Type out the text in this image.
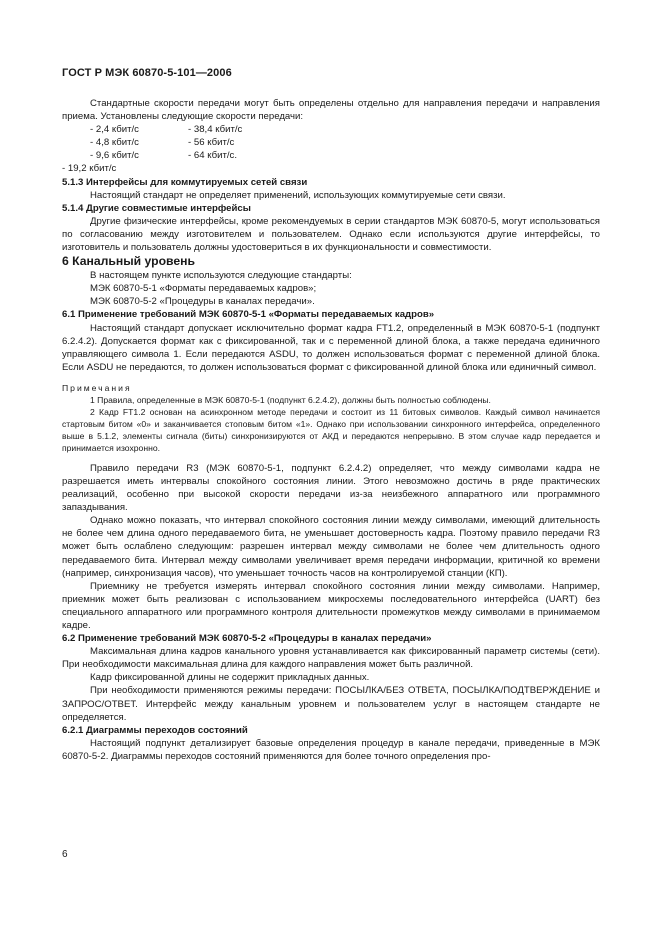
ГОСТ Р МЭК 60870-5-101—2006

Стандартные скорости передачи могут быть определены отдельно для направления передачи и направления приема. Установлены следующие скорости передачи:

- 2,4 кбит/с	- 38,4 кбит/с
- 4,8 кбит/с	- 56 кбит/с
- 9,6 кбит/с	- 64 кбит/с.

- 19,2 кбит/с

5.1.3 Интерфейсы для коммутируемых сетей связи

Настоящий стандарт не определяет применений, использующих коммутируемые сети связи.

5.1.4 Другие совместимые интерфейсы

Другие физические интерфейсы, кроме рекомендуемых в серии стандартов МЭК 60870-5, могут использоваться по согласованию между изготовителем и пользователем. Однако если используются другие интерфейсы, то изготовитель и пользователь должны удостовериться в их функциональности и совместимости.

6 Канальный уровень

В настоящем пункте используются следующие стандарты:

МЭК 60870-5-1 «Форматы передаваемых кадров»;

МЭК 60870-5-2 «Процедуры в каналах передачи».

6.1 Применение требований МЭК 60870-5-1 «Форматы передаваемых кадров»

Настоящий стандарт допускает исключительно формат кадра FT1.2, определенный в МЭК 60870-5-1 (подпункт 6.2.4.2). Допускается формат как с фиксированной, так и с переменной длиной блока, а также передача единичного управляющего символа 1. Если передаются ASDU, то должен использоваться формат с переменной длиной блока. Если ASDU не передаются, то должен использоваться формат с фиксированной длиной блока или единичный символ.

Примечания

1 Правила, определенные в МЭК 60870-5-1 (подпункт 6.2.4.2), должны быть полностью соблюдены.

2 Кадр FT1.2 основан на асинхронном методе передачи и состоит из 11 битовых символов. Каждый символ начинается стартовым битом «0» и заканчивается стоповым битом «1». Однако при использовании синхронного интерфейса, определенного выше в 5.1.2, элементы сигнала (биты) синхронизируются от АКД и передаются непрерывно. В этом случае кадр передается и принимается изохронно.

Правило передачи R3 (МЭК 60870-5-1, подпункт 6.2.4.2) определяет, что между символами кадра не разрешается иметь интервалы спокойного состояния линии. Этого невозможно достичь в ряде практических реализаций, особенно при высокой скорости передачи из-за неизбежного аппаратного или программного запаздывания.

Однако можно показать, что интервал спокойного состояния линии между символами, имеющий длительность не более чем длина одного передаваемого бита, не уменьшает достоверность кадра. Поэтому правило передачи R3 может быть ослаблено следующим: разрешен интервал между символами не более чем длительность одного передаваемого бита. Интервал между символами увеличивает время передачи информации, критичной ко времени (например, синхронизация часов), что уменьшает точность часов на контролируемой станции (КП).

Приемнику не требуется измерять интервал спокойного состояния линии между символами. Например, приемник может быть реализован с использованием микросхемы последовательного интерфейса (UART) без специального аппаратного или программного контроля длительности промежутков между символами в принимаемом кадре.

6.2 Применение требований МЭК 60870-5-2 «Процедуры в каналах передачи»

Максимальная длина кадров канального уровня устанавливается как фиксированный параметр системы (сети). При необходимости максимальная длина для каждого направления может быть различной.

Кадр фиксированной длины не содержит прикладных данных.

При необходимости применяются режимы передачи: ПОСЫЛКА/БЕЗ ОТВЕТА, ПОСЫЛКА/ПОДТВЕРЖДЕНИЕ и ЗАПРОС/ОТВЕТ. Интерфейс между канальным уровнем и пользователем услуг в настоящем стандарте не определяется.

6.2.1 Диаграммы переходов состояний

Настоящий подпункт детализирует базовые определения процедур в канале передачи, приведенные в МЭК 60870-5-2. Диаграммы переходов состояний применяются для более точного определения про-

6
